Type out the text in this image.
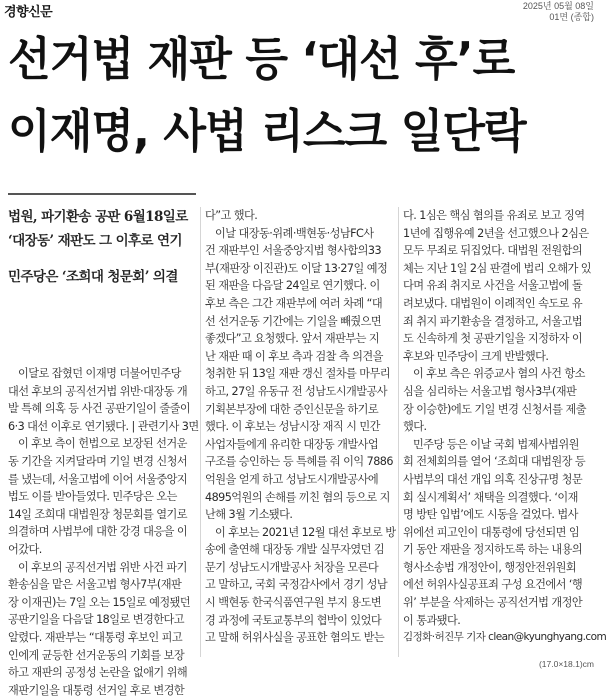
경향신문	2025년 05월 08일
01면 (종합)
선거법 재판 등 ‘대선 후’로
이재명, 사법 리스크 일단락
법원, 파기환송 공판 6월18일로
‘대장동’ 재판도 그 이후로 연기
민주당은 ‘조희대 청문회’ 의결
이달로 잡혔던 이재명 더불어민주당
대선 후보의 공직선거법 위반·대장동 개
발 특혜 의혹 등 사건 공판기일이 줄줄이
6·3 대선 이후로 연기됐다. | 관련기사 3면
이 후보 측이 헌법으로 보장된 선거운
동 기간을 지켜달라며 기일 변경 신청서
를 냈는데, 서울고법에 이어 서울중앙지
법도 이를 받아들였다. 민주당은 오는
14일 조희대 대법원장 청문회를 열기로
의결하며 사법부에 대한 강경 대응을 이
어갔다.
이 후보의 공직선거법 위반 사건 파기
환송심을 맡은 서울고법 형사7부(재판
장 이재권)는 7일 오는 15일로 예정됐던
공판기일을 다음달 18일로 변경한다고
알렸다. 재판부는 “대통령 후보인 피고
인에게 균등한 선거운동의 기회를 보장
하고 재판의 공정성 논란을 없애기 위해
재판기일을 대통령 선거일 후로 변경한
다”고 했다.
이날 대장동·위례·백현동·성남FC사
건 재판부인 서울중앙지법 형사합의33
부(재판장 이진관)도 이달 13·27일 예정
된 재판을 다음달 24일로 연기했다. 이
후보 측은 그간 재판부에 여러 차례 “대
선 선거운동 기간에는 기일을 빼줬으면
좋겠다”고 요청했다. 앞서 재판부는 지
난 재판 때 이 후보 측과 검찰 측 의견을
청취한 뒤 13일 재판 갱신 절차를 마무리
하고, 27일 유동규 전 성남도시개발공사
기획본부장에 대한 증인신문을 하기로
했다. 이 후보는 성남시장 재직 시 민간
사업자들에게 유리한 대장동 개발사업
구조를 승인하는 등 특혜를 줘 이익 7886
억원을 얻게 하고 성남도시개발공사에
4895억원의 손해를 끼친 혐의 등으로 지
난해 3월 기소됐다.
이 후보는 2021년 12월 대선 후보로 방
송에 출연해 대장동 개발 실무자였던 김
문기 성남도시개발공사 처장을 모른다
고 말하고, 국회 국정감사에서 경기 성남
시 백현동 한국식품연구원 부지 용도변
경 과정에 국토교통부의 협박이 있었다
고 말해 허위사실을 공표한 혐의도 받는
다. 1심은 핵심 혐의를 유죄로 보고 징역
1년에 집행유예 2년을 선고했으나 2심은
모두 무죄로 뒤집었다. 대법원 전원합의
체는 지난 1일 2심 판결에 법리 오해가 있
다며 유죄 취지로 사건을 서울고법에 돌
려보냈다. 대법원이 이례적인 속도로 유
죄 취지 파기환송을 결정하고, 서울고법
도 신속하게 첫 공판기일을 지정하자 이
후보와 민주당이 크게 반발했다.
이 후보 측은 위증교사 혐의 사건 항소
심을 심리하는 서울고법 형사3부(재판
장 이승한)에도 기일 변경 신청서를 제출
했다.
민주당 등은 이날 국회 법제사법위원
회 전체회의를 열어 ‘조희대 대법원장 등
사법부의 대선 개입 의혹 진상규명 청문
회 실시계획서’ 채택을 의결했다. ‘이재
명 방탄 입법’에도 시동을 걸었다. 법사
위에선 피고인이 대통령에 당선되면 임
기 동안 재판을 정지하도록 하는 내용의
형사소송법 개정안이, 행정안전위원회
에선 허위사실공표죄 구성 요건에서 ‘행
위’ 부분을 삭제하는 공직선거법 개정안
이 통과됐다.
김정화·허진무 기자 clean@kyunghyang.com
(17.0×18.1)cm
